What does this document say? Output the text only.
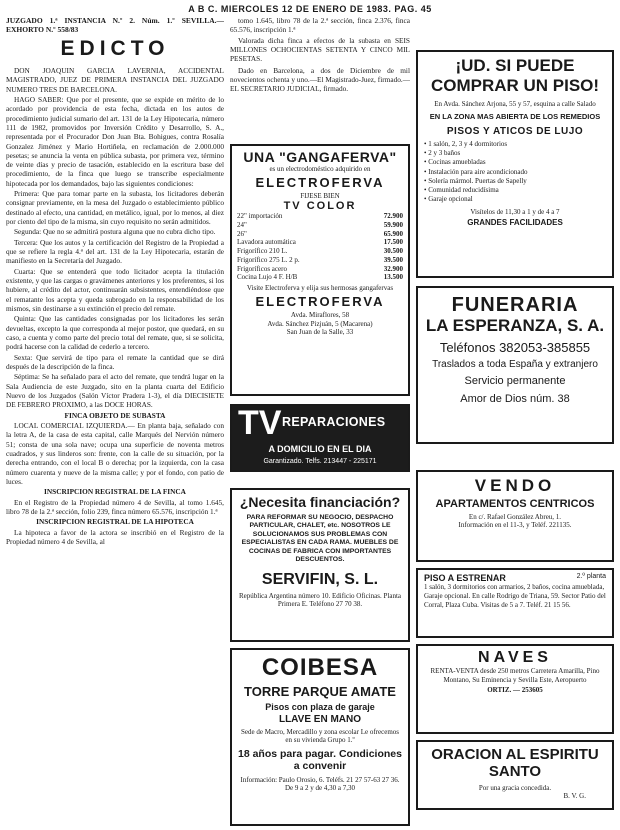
A B C. MIERCOLES 12 DE ENERO DE 1983. PAG. 45
JUZGADO 1.ª INSTANCIA N.º 2. Núm. 1.º SEVILLA.—EXHORTO N.º 558/83
EDICTO

DON JOAQUIN GARCIA LAVERNIA, ACCIDENTAL MAGISTRADO, JUEZ DE PRIMERA INSTANCIA DEL JUZGADO NUMERO TRES DE BARCELONA.

HAGO SABER: Que por el presente, que se expide en mérito de lo acordado por providencia de esta fecha, dictada en los autos de procedimiento judicial sumario del art. 131 de la Ley Hipotecaria, número 111 de 1982, promovidos por Inversión Crédito y Desarrollo, S. A., representada por el Procurador Don Juan Bta. Bohigues, contra Rosalía Gonzalez Jiménez y Mario Hortiñela, en reclamación de 2.000.000 pesetas; se anuncia la venta en pública subasta, por primera vez, término de veinte días y precio de tasación, establecido en la escritura base del procedimiento, de la finca que luego se transcribe especialmente hipotecada por los demandados, bajo las siguientes condiciones:

Primera: Que para tomar parte en la subasta, los licitadores deberán consignar previamente, en la mesa del Juzgado o establecimiento público destinado al efecto, una cantidad, en metálico, igual, por lo menos, al diez por ciento del tipo de la misma, sin cuyo requisito no serán admitidos.

Segunda: Que no se admitirá postura alguna que no cubra dicho tipo.

Tercera: Que los autos y la certificación del Registro de la Propiedad a que se refiere la regla 4.ª del art. 131 de la Ley Hipotecaria, estarán de manifiesto en la Secretaría del Juzgado.

Cuarta: Que se entenderá que todo licitador acepta la titulación existente, y que las cargas o gravámenes anteriores y los preferentes, si los hubiere, al crédito del actor, continuarán subsistentes, entendiéndose que el rematante los acepta y queda subrogado en la responsabilidad de los mismos, sin destinarse a su extinción el precio del remate.

Quinta: Que las cantidades consignadas por los licitadores les serán devueltas, excepto la que corresponda al mejor postor, que quedará, en su caso, a cuenta y como parte del precio total del remate, que, si se solicita, podrá hacerse con la calidad de cederlo a tercero.

Sexta: Que servirá de tipo para el remate la cantidad que se dirá después de la descripción de la finca.

Séptima: Se ha señalado para el acto del remate, que tendrá lugar en la Sala Audiencia de este Juzgado, sito en la planta cuarta del Edificio Nuevo de los Juzgados (Salón Víctor Pradera 1-3), el día DIECISIETE DE FEBRERO PROXIMO, a las DOCE HORAS.

FINCA OBJETO DE SUBASTA

LOCAL COMERCIAL IZQUIERDA.— En planta baja, señalado con la letra A, de la casa de esta capital, calle Marqués del Nervión número 51; consta de una sola nave; ocupa una superficie de noventa metros cuadrados, y sus linderos son: frente, con la calle de su situación, por la derecha entrando, con el local B o derecha; por la izquierda, con la casa número cuarenta y nueve de la misma calle; y por el fondo, con patio de luces.

INSCRIPCION REGISTRAL DE LA FINCA

En el Registro de la Propiedad número 4 de Sevilla, al tomo 1.645, libro 78 de la 2.ª sección, folio 239, finca número 65.576, inscripción 1.ª

INSCRIPCION REGISTRAL DE LA HIPOTECA

La hipoteca a favor de la actora se inscribió en el Registro de la Propiedad número 4 de Sevilla, al

tomo 1.645, libro 78 de la 2.ª sección, finca 2.376, finca 65.576, inscripción 1.ª

Valorada dicha finca a efectos de la subasta en SEIS MILLONES OCHOCIENTAS SETENTA Y CINCO MIL PESETAS.

Dado en Barcelona, a dos de Diciembre de mil novecientos ochenta y uno.—El Magistrado-Juez, firmado.—EL SECRETARIO JUDICIAL, firmado.

UNA "GANGAFERVA"
es un electrodoméstico adquirido en
ELECTROFERVA
FIJESE BIEN
TV COLOR
22" importación	72.900
24"	59.900
26"	65.900
Lavadora automática	17.500
Frigorífico 210 L.	30.500
Frigorífico 275 L. 2 p.	39.500
Frigoríficos acero	32.900
Cocina Lujo 4 F. H/B	13.500
Visite Electroferva y elija sus hermosas gangafervas
ELECTROFERVA
Avda. Miraflores, 58
Avda. Sánchez Pizjuán, 5 (Macarena)
San Juan de la Salle, 33
TV REPARACIONES
A DOMICILIO EN EL DIA
Garantizado. Telfs. 213447 - 225171
¿Necesita financiación?
PARA REFORMAR SU NEGOCIO, DESPACHO PARTICULAR, CHALET, etc. NOSOTROS LE SOLUCIONAMOS SUS PROBLEMAS CON ESPECIALISTAS EN CADA RAMA. MUEBLES DE COCINAS DE FABRICA CON IMPORTANTES DESCUENTOS.
SERVIFIN, S. L.
República Argentina número 10. Edificio Oficinas. Planta Primera E. Teléfono 27 70 38.
COIBESA
TORRE PARQUE AMATE
Pisos con plaza de garaje
LLAVE EN MANO
Sede de Macro, Mercadillo y zona escolar Le ofrecemos en su vivienda Grupo 1.º
18 años para pagar. Condiciones a convenir
Información: Paulo Orosio, 6. Teléfs. 21 27 57-63 27 36. De 9 a 2 y de 4,30 a 7,30
¡UD. SI PUEDE COMPRAR UN PISO!
En Avda. Sánchez Arjona, 55 y 57, esquina a calle Salado
EN LA ZONA MAS ABIERTA DE LOS REMEDIOS
PISOS Y ATICOS DE LUJO
• 1 salón, 2, 3 y 4 dormitorios
• 2 y 3 baños
• Cocinas amuebladas
• Instalación para aire acondicionado
• Solería mármol. Puertas de Sapelly
• Comunidad reducidísima
• Garaje opcional
Visítelos de 11,30 a 1 y de 4 a 7
GRANDES FACILIDADES
FUNERARIA
LA ESPERANZA, S. A.
Teléfonos 382053-385855
Traslados a toda España y extranjero
Servicio permanente
Amor de Dios núm. 38
VENDO
APARTAMENTOS CENTRICOS
En c/. Rafael González Abreu, 1.
Información en el 11-3, y Teléf. 221135.
2.º planta
PISO A ESTRENAR
1 salón, 3 dormitorios con armarios, 2 baños, cocina amueblada, Garaje opcional. En calle Rodrigo de Triana, 59. Sector Patio del Corral, Plaza Cuba. Visitas de 5 a 7. Teléf. 21 15 56.
NAVES
RENTA-VENTA desde 250 metros Carretera Amarilla, Pino Montano, Su Eminencia y Sevilla Este, Aeropuerto
ORTIZ. — 253605
ORACION AL ESPIRITU SANTO
Por una gracia concedida.
B. V. G.
